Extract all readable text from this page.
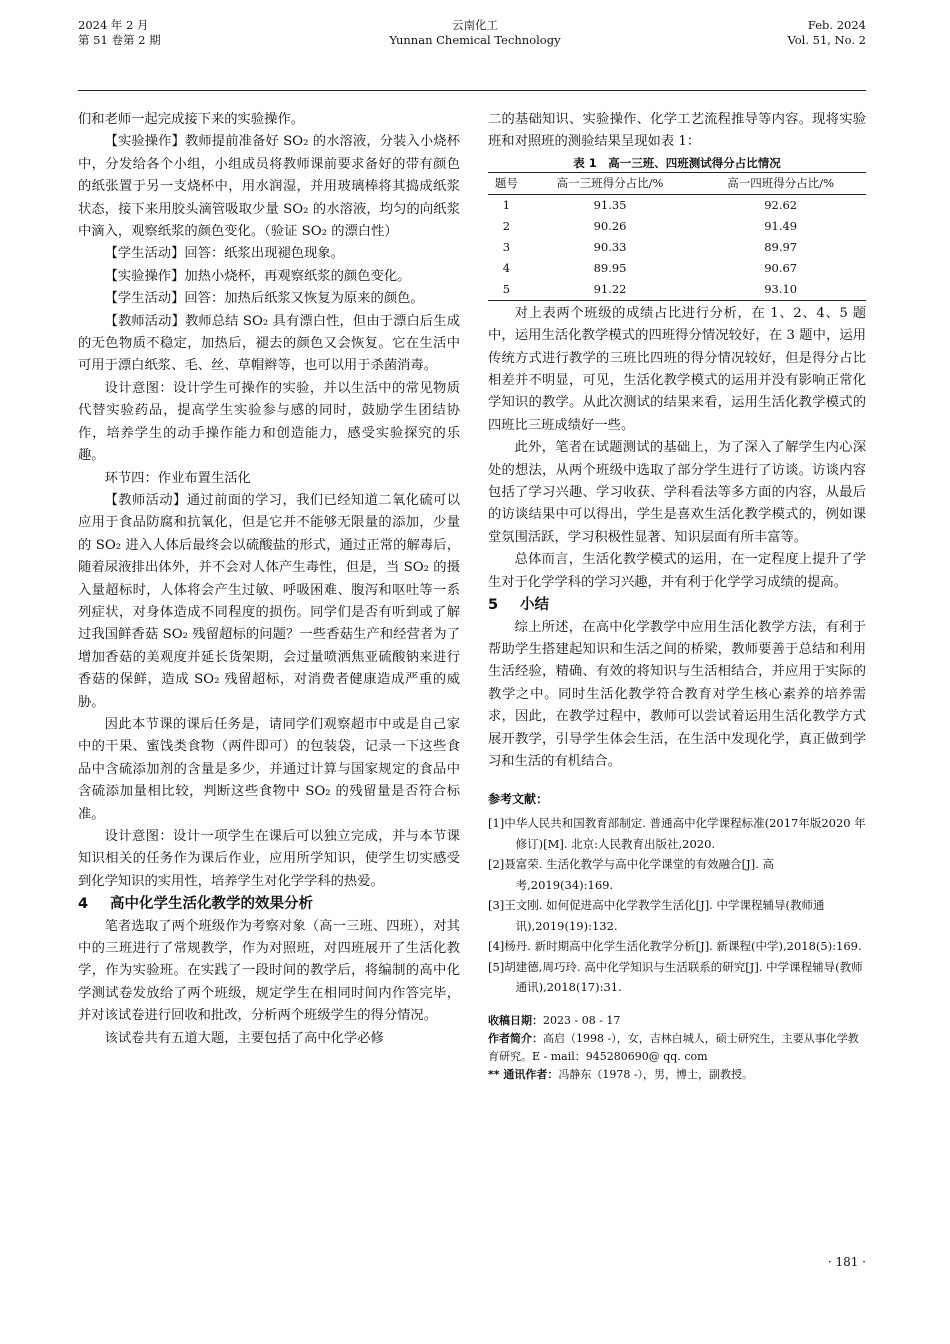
2024 年 2 月
第 51 卷第 2 期
云南化工
Yunnan Chemical Technology
Feb. 2024
Vol. 51, No. 2

们和老师一起完成接下来的实验操作。

【实验操作】教师提前准备好 SO₂ 的水溶液，分装入小烧杯中，分发给各个小组，小组成员将教师课前要求备好的带有颜色的纸张置于另一支烧杯中，用水润湿，并用玻璃棒将其捣成纸浆状态，接下来用胶头滴管吸取少量 SO₂ 的水溶液，均匀的向纸浆中滴入，观察纸浆的颜色变化。（验证 SO₂ 的漂白性）

【学生活动】回答：纸浆出现褪色现象。

【实验操作】加热小烧杯，再观察纸浆的颜色变化。

【学生活动】回答：加热后纸浆又恢复为原来的颜色。

【教师活动】教师总结 SO₂ 具有漂白性，但由于漂白后生成的无色物质不稳定，加热后，褪去的颜色又会恢复。它在生活中可用于漂白纸浆、毛、丝、草帽辫等，也可以用于杀菌消毒。

设计意图：设计学生可操作的实验，并以生活中的常见物质代替实验药品，提高学生实验参与感的同时，鼓励学生团结协作，培养学生的动手操作能力和创造能力，感受实验探究的乐趣。

环节四：作业布置生活化

【教师活动】通过前面的学习，我们已经知道二氧化硫可以应用于食品防腐和抗氧化，但是它并不能够无限量的添加，少量的 SO₂ 进入人体后最终会以硫酸盐的形式，通过正常的解毒后，随着尿液排出体外，并不会对人体产生毒性，但是，当 SO₂ 的摄入量超标时，人体将会产生过敏、呼吸困难、腹泻和呕吐等一系列症状，对身体造成不同程度的损伤。同学们是否有听到或了解过我国鲜香菇 SO₂ 残留超标的问题？一些香菇生产和经营者为了增加香菇的美观度并延长货架期，会过量喷洒焦亚硫酸钠来进行香菇的保鲜，造成 SO₂ 残留超标，对消费者健康造成严重的威胁。

因此本节课的课后任务是，请同学们观察超市中或是自己家中的干果、蜜饯类食物（两件即可）的包装袋，记录一下这些食品中含硫添加剂的含量是多少，并通过计算与国家规定的食品中含硫添加量相比较，判断这些食物中 SO₂ 的残留量是否符合标准。

设计意图：设计一项学生在课后可以独立完成，并与本节课知识相关的任务作为课后作业，应用所学知识，使学生切实感受到化学知识的实用性，培养学生对化学学科的热爱。

4 高中化学生活化教学的效果分析

笔者选取了两个班级作为考察对象（高一三班、四班），对其中的三班进行了常规教学，作为对照班，对四班展开了生活化教学，作为实验班。在实践了一段时间的教学后，将编制的高中化学测试卷发放给了两个班级，规定学生在相同时间内作答完毕，并对该试卷进行回收和批改，分析两个班级学生的得分情况。

该试卷共有五道大题，主要包括了高中化学必修

二的基础知识、实验操作、化学工艺流程推导等内容。现将实验班和对照班的测验结果呈现如表 1：

表 1　高一三班、四班测试得分占比情况
题号	高一三班得分占比/%	高一四班得分占比/%
1	91.35	92.62
2	90.26	91.49
3	90.33	89.97
4	89.95	90.67
5	91.22	93.10

对上表两个班级的成绩占比进行分析，在 1、2、4、5 题中，运用生活化教学模式的四班得分情况较好，在 3 题中，运用传统方式进行教学的三班比四班的得分情况较好，但是得分占比相差并不明显，可见，生活化教学模式的运用并没有影响正常化学知识的教学。从此次测试的结果来看，运用生活化教学模式的四班比三班成绩好一些。

此外，笔者在试题测试的基础上，为了深入了解学生内心深处的想法，从两个班级中选取了部分学生进行了访谈。访谈内容包括了学习兴趣、学习收获、学科看法等多方面的内容，从最后的访谈结果中可以得出，学生是喜欢生活化教学模式的，例如课堂氛围活跃，学习积极性显著、知识层面有所丰富等。

总体而言，生活化教学模式的运用，在一定程度上提升了学生对于化学学科的学习兴趣，并有利于化学学习成绩的提高。

5 小结

综上所述，在高中化学教学中应用生活化教学方法，有利于帮助学生搭建起知识和生活之间的桥梁，教师要善于总结和利用生活经验，精确、有效的将知识与生活相结合，并应用于实际的教学之中。同时生活化教学符合教育对学生核心素养的培养需求，因此，在教学过程中，教师可以尝试着运用生活化教学方式展开教学，引导学生体会生活，在生活中发现化学，真正做到学习和生活的有机结合。

参考文献：
[1]中华人民共和国教育部制定. 普通高中化学课程标准(2017年版2020 年修订)[M]. 北京:人民教育出版社,2020.
[2]聂富荣. 生活化教学与高中化学课堂的有效融合[J]. 高考,2019(34):169.
[3]王文刚. 如何促进高中化学教学生活化[J]. 中学课程辅导(教师通讯),2019(19):132.
[4]杨丹. 新时期高中化学生活化教学分析[J]. 新课程(中学),2018(5):169.
[5]胡建德,周巧玲. 高中化学知识与生活联系的研究[J]. 中学课程辅导(教师通讯),2018(17):31.
收稿日期：2023 - 08 - 17
作者简介：高启（1998 -），女，吉林白城人，硕士研究生，主要从事化学教育研究。E - mail：945280690@ qq. com
** 通讯作者：冯静东（1978 -），男，博士，副教授。
· 181 ·
